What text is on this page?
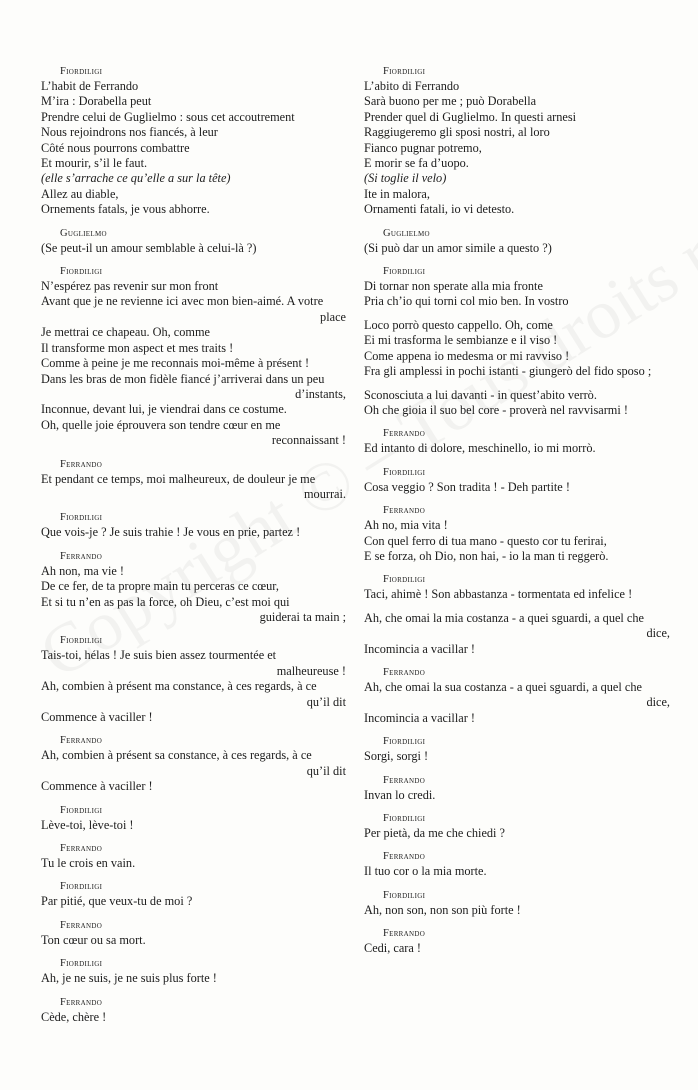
Fiordiligi
L’habit de Ferrando
M’ira : Dorabella peut
Prendre celui de Guglielmo : sous cet accoutrement
Nous rejoindrons nos fiancés, à leur
Côté nous pourrons combattre
Et mourir, s’il le faut.
(elle s’arrache ce qu’elle a sur la tête)
Allez au diable,
Ornements fatals, je vous abhorre.
Guglielmo
(Se peut-il un amour semblable à celui-là ?)
Fiordiligi
N’espérez pas revenir sur mon front
Avant que je ne revienne ici avec mon bien-aimé. A votre
place
Je mettrai ce chapeau. Oh, comme
Il transforme mon aspect et mes traits !
Comme à peine je me reconnais moi-même à présent !
Dans les bras de mon fidèle fiancé j’arriverai dans un peu
d’instants,
Inconnue, devant lui, je viendrai dans ce costume.
Oh, quelle joie éprouvera son tendre cœur en me
reconnaissant !
Ferrando
Et pendant ce temps, moi malheureux, de douleur je me
mourrai.
Fiordiligi
Que vois-je ? Je suis trahie ! Je vous en prie, partez !
Ferrando
Ah non, ma vie !
De ce fer, de ta propre main tu perceras ce cœur,
Et si tu n’en as pas la force, oh Dieu, c’est moi qui
guiderai ta main ;
Fiordiligi
Tais-toi, hélas ! Je suis bien assez tourmentée et
malheureuse !
Ah, combien à présent ma constance, à ces regards, à ce
qu’il dit
Commence à vaciller !
Ferrando
Ah, combien à présent sa constance, à ces regards, à ce
qu’il dit
Commence à vaciller !
Fiordiligi
Lève-toi, lève-toi !
Ferrando
Tu le crois en vain.
Fiordiligi
Par pitié, que veux-tu de moi ?
Ferrando
Ton cœur ou sa mort.
Fiordiligi
Ah, je ne suis, je ne suis plus forte !
Ferrando
Cède, chère !
Fiordiligi
L’abito di Ferrando
Sarà buono per me ; può Dorabella
Prender quel di Guglielmo. In questi arnesi
Raggiugeremo gli sposi nostri, al loro
Fianco pugnar potremo,
E morir se fa d’uopo.
(Si toglie il velo)
Ite in malora,
Ornamenti fatali, io vi detesto.
Guglielmo
(Si può dar un amor simile a questo ?)
Fiordiligi
Di tornar non sperate alla mia fronte
Pria ch’io qui torni col mio ben. In vostro
Loco porrò questo cappello. Oh, come
Ei mi trasforma le sembianze e il viso !
Come appena io medesma or mi ravviso !
Fra gli amplessi in pochi istanti - giungerò del fido sposo ;
Sconosciuta a lui davanti - in quest’abito verrò.
Oh che gioia il suo bel core - proverà nel ravvisarmi !
Ferrando
Ed intanto di dolore, meschinello, io mi morrò.
Fiordiligi
Cosa veggio ? Son tradita ! - Deh partite !
Ferrando
Ah no, mia vita !
Con quel ferro di tua mano - questo cor tu ferirai,
E se forza, oh Dio, non hai, - io la man ti reggerò.
Fiordiligi
Taci, ahimè ! Son abbastanza - tormentata ed infelice !
Ah, che omai la mia costanza - a quei sguardi, a quel che
dice,
Incomincia a vacillar !
Ferrando
Ah, che omai la sua costanza - a quei sguardi, a quel che
dice,
Incomincia a vacillar !
Fiordiligi
Sorgi, sorgi !
Ferrando
Invan lo credi.
Fiordiligi
Per pietà, da me che chiedi ?
Ferrando
Il tuo cor o la mia morte.
Fiordiligi
Ah, non son, non son più forte !
Ferrando
Cedi, cara !
